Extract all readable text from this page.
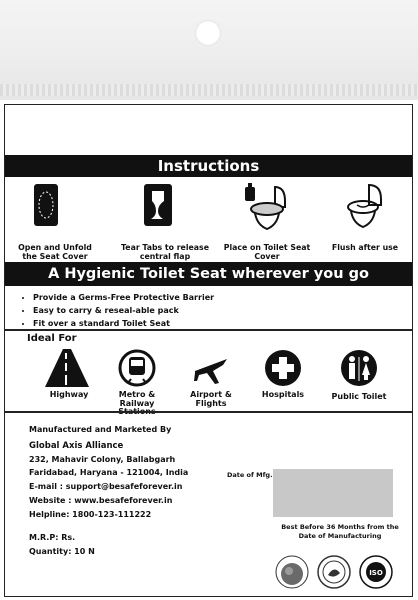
Instructions
Open and Unfold
the Seat Cover
Tear Tabs to release
central flap
Place on Toilet Seat
Cover
Flush after use
A Hygienic Toilet Seat wherever you go
• Provide a Germs-Free Protective Barrier
• Easy to carry & reseal-able pack
• Fit over a standard Toilet Seat
Ideal For
Highway	Metro &
Railway
Airport &
Flights
Hospitals	Public Toilet
Manufactured and Marketed By
Global Axis Alliance
232, Mahavir Colony, Ballabgarh
Faridabad, Haryana - 121004, India
E-mail : support@besafeforever.in
Website : www.besafeforever.in
Helpline: 1800-123-111222
M.R.P: Rs.
Quantity: 10 N
Date of Mfg.
Best Before 36 Months from the
Date of Manufacturing
ISO
